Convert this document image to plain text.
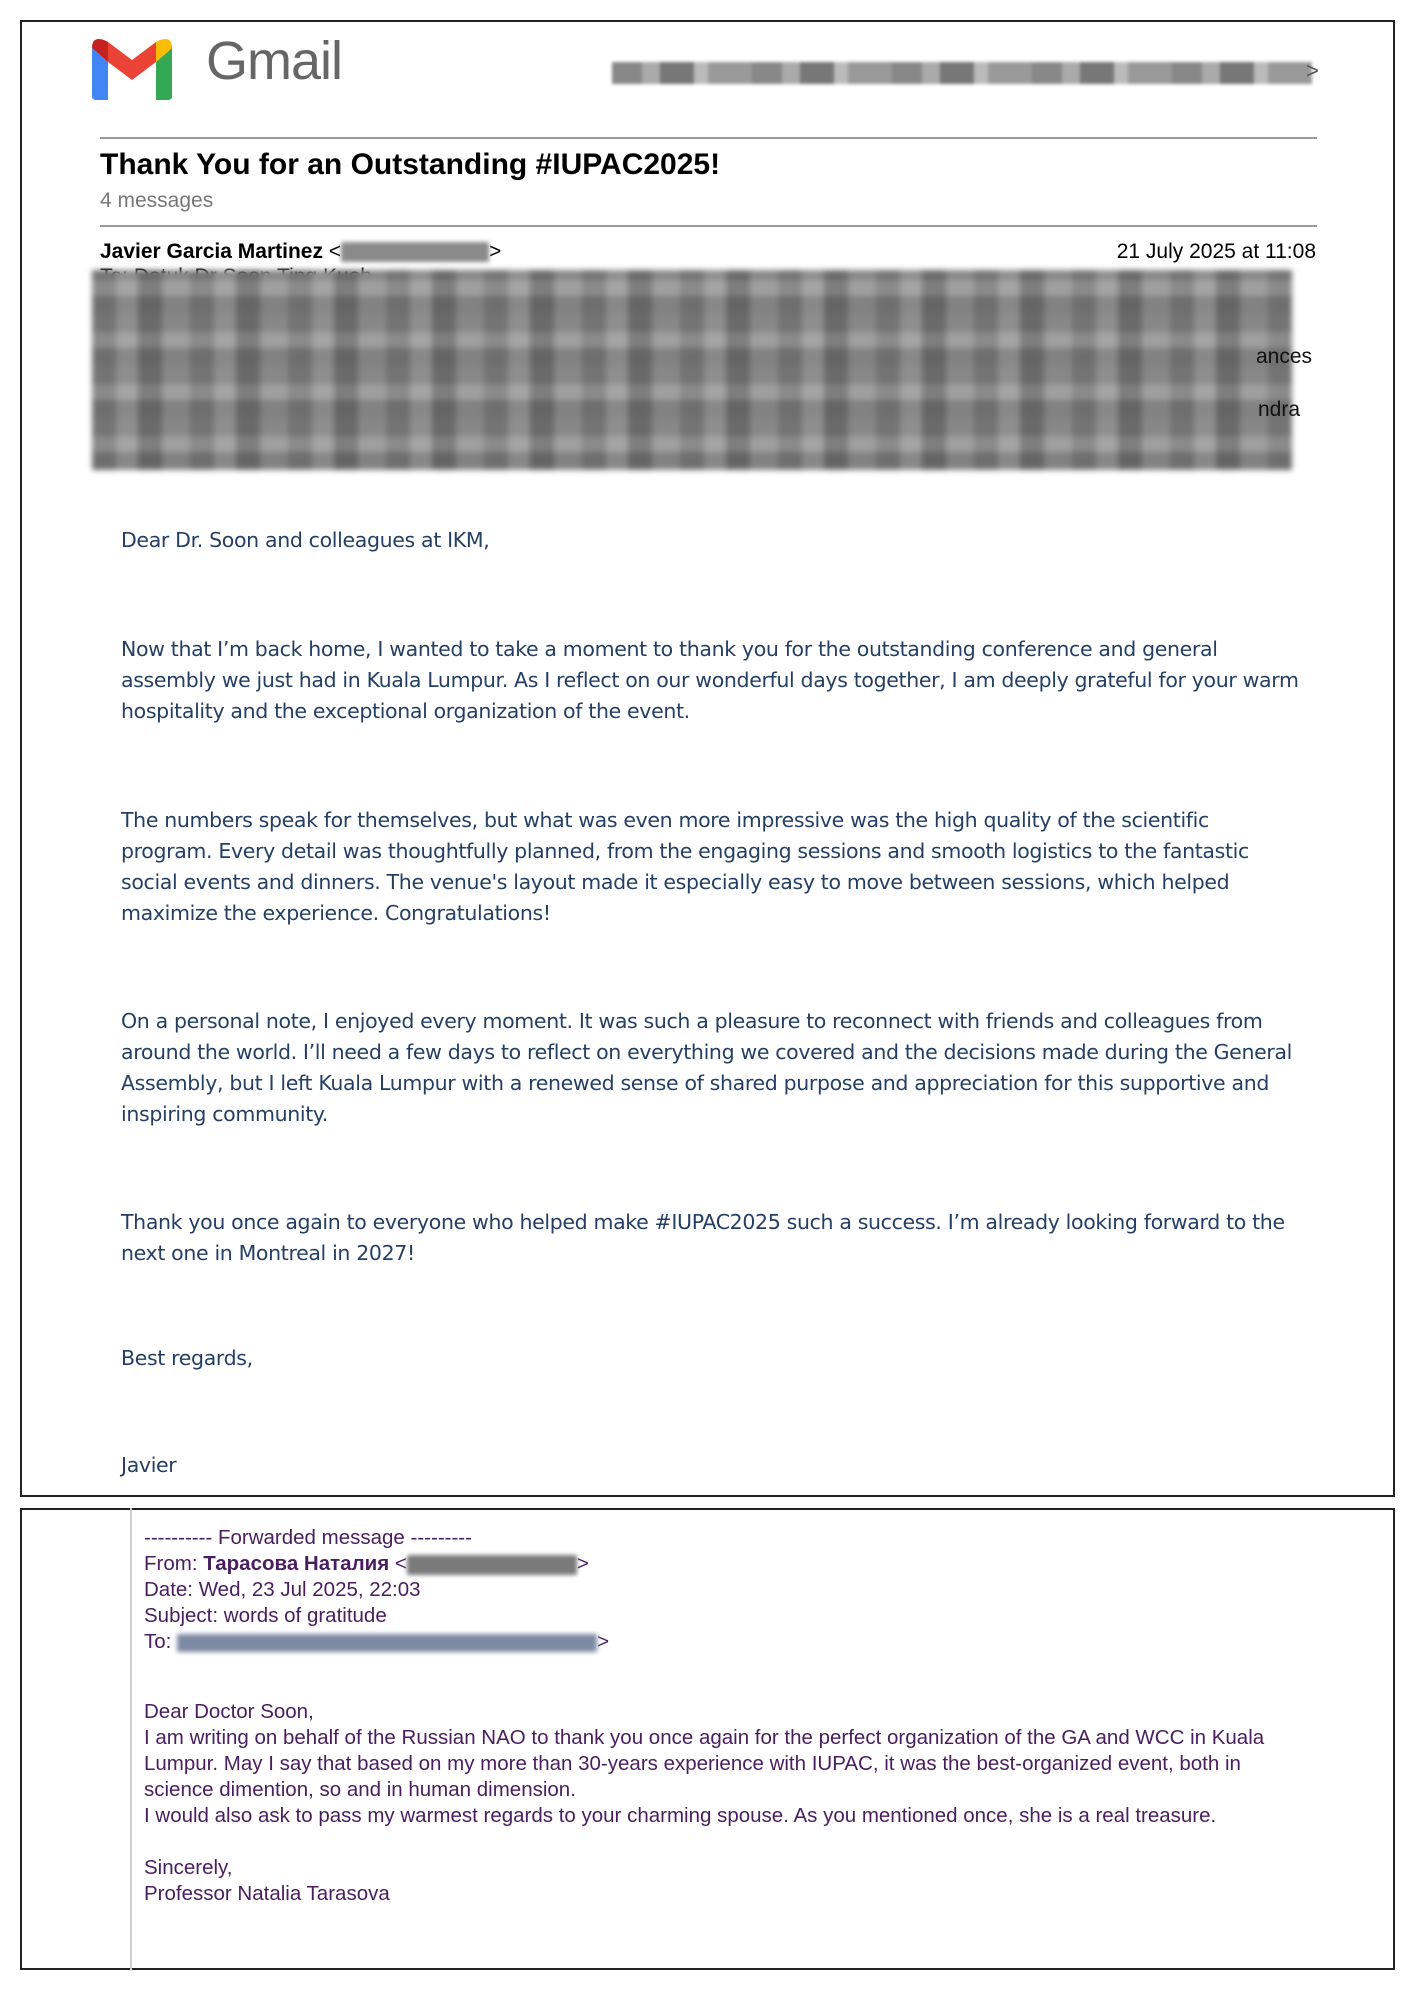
Gmail	>
Thank You for an Outstanding #IUPAC2025!
4 messages
Javier Garcia Martinez <	>	21 July 2025 at 11:08
ances
ndra
Dear Dr. Soon and colleagues at IKM,
Now that I’m back home, I wanted to take a moment to thank you for the outstanding conference and general assembly we just had in Kuala Lumpur. As I reflect on our wonderful days together, I am deeply grateful for your warm hospitality and the exceptional organization of the event.
The numbers speak for themselves, but what was even more impressive was the high quality of the scientific program. Every detail was thoughtfully planned, from the engaging sessions and smooth logistics to the fantastic social events and dinners. The venue's layout made it especially easy to move between sessions, which helped maximize the experience. Congratulations!
On a personal note, I enjoyed every moment. It was such a pleasure to reconnect with friends and colleagues from around the world. I’ll need a few days to reflect on everything we covered and the decisions made during the General Assembly, but I left Kuala Lumpur with a renewed sense of shared purpose and appreciation for this supportive and inspiring community.
Thank you once again to everyone who helped make #IUPAC2025 such a success. I’m already looking forward to the next one in Montreal in 2027!
Best regards,
Javier
---------- Forwarded message ---------
From: Тарасова Наталия <	>
Date: Wed, 23 Jul 2025, 22:03
Subject: words of gratitude
To:	>
Dear Doctor Soon,
I am writing on behalf of the Russian NAO to thank you once again for the perfect organization of the GA and WCC in Kuala Lumpur. May I say that based on my more than 30-years experience with IUPAC, it was the best-organized event, both in science dimention, so and in human dimension.
I would also ask to pass my warmest regards to your charming spouse. As you mentioned once, she is a real treasure.
Sincerely,
Professor Natalia Tarasova
